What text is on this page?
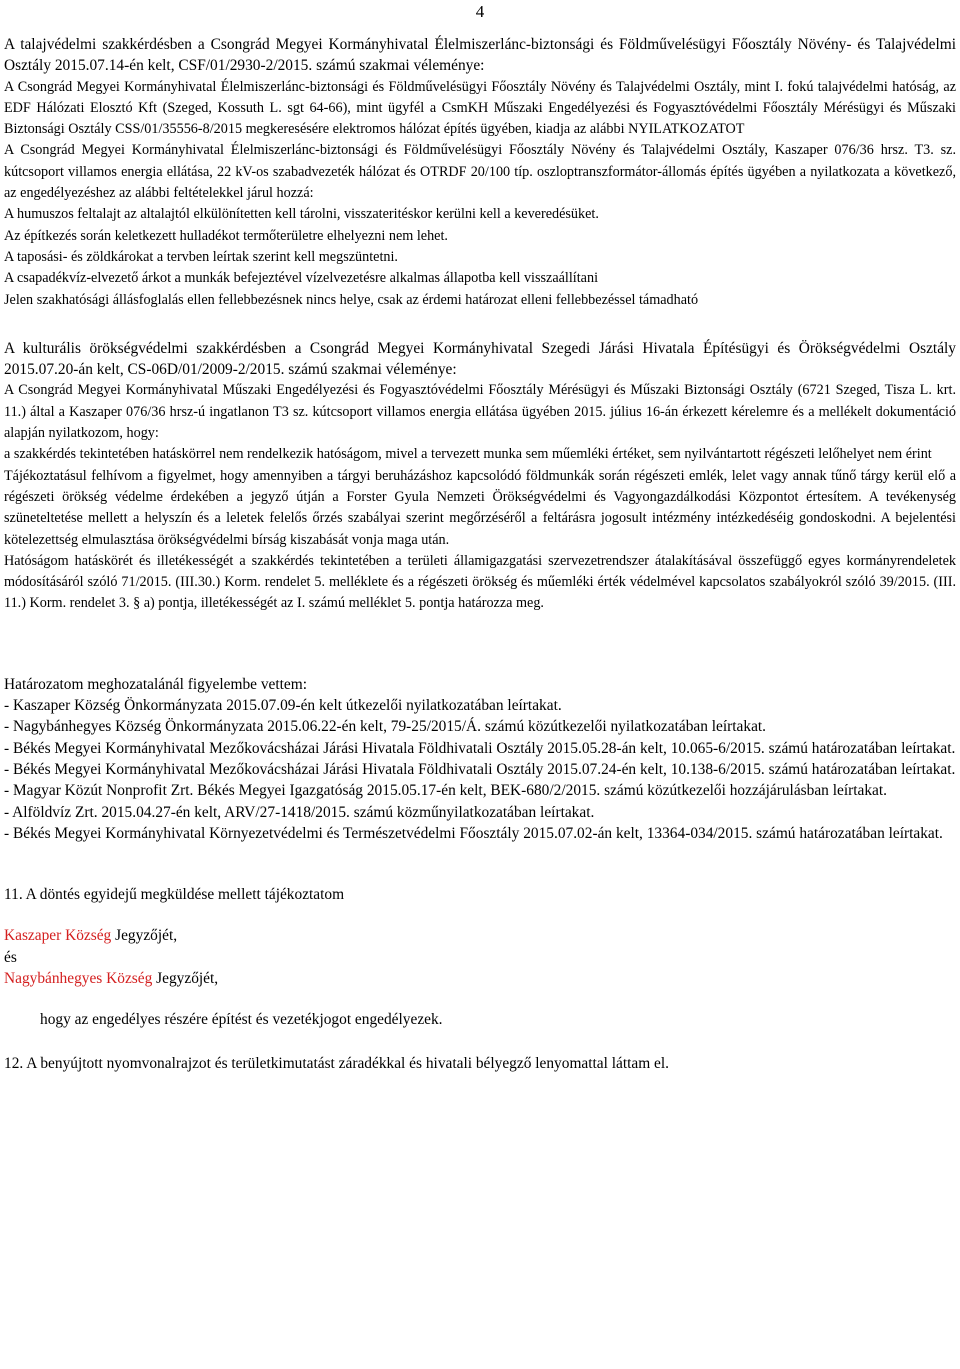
4

A talajvédelmi szakkérdésben a Csongrád Megyei Kormányhivatal Élelmiszerlánc-biztonsági és Földművelésügyi Főosztály Növény- és Talajvédelmi Osztály 2015.07.14-én kelt, CSF/01/2930-2/2015. számú szakmai véleménye:

A Csongrád Megyei Kormányhivatal Élelmiszerlánc-biztonsági és Földművelésügyi Főosztály Növény és Talajvédelmi Osztály, mint I. fokú talajvédelmi hatóság, az EDF Hálózati Elosztó Kft (Szeged, Kossuth L. sgt 64-66), mint ügyfél a CsmKH Műszaki Engedélyezési és Fogyasztóvédelmi Főosztály Mérésügyi és Műszaki Biztonsági Osztály CSS/01/35556-8/2015 megkeresésére elektromos hálózat építés ügyében, kiadja az alábbi NYILATKOZATOT

A Csongrád Megyei Kormányhivatal Élelmiszerlánc-biztonsági és Földművelésügyi Főosztály Növény és Talajvédelmi Osztály, Kaszaper 076/36 hrsz. T3. sz. kútcsoport villamos energia ellátása, 22 kV-os szabadvezeték hálózat és OTRDF 20/100 típ. oszloptranszformátor-állomás építés ügyében a nyilatkozata a következő, az engedélyezéshez az alábbi feltételekkel járul hozzá:

A humuszos feltalajt az altalajtól elkülönítetten kell tárolni, visszateritéskor kerülni kell a keveredésüket.

Az építkezés során keletkezett hulladékot termőterületre elhelyezni nem lehet.

A taposási- és zöldkárokat a tervben leírtak szerint kell megszüntetni.

A csapadékvíz-elvezető árkot a munkák befejeztével vízelvezetésre alkalmas állapotba kell visszaállítani

Jelen szakhatósági állásfoglalás ellen fellebbezésnek nincs helye, csak az érdemi határozat elleni fellebbezéssel támadható

A kulturális örökségvédelmi szakkérdésben a Csongrád Megyei Kormányhivatal Szegedi Járási Hivatala Építésügyi és Örökségvédelmi Osztály 2015.07.20-án kelt, CS-06D/01/2009-2/2015. számú szakmai véleménye:

A Csongrád Megyei Kormányhivatal Műszaki Engedélyezési és Fogyasztóvédelmi Főosztály Mérésügyi és Műszaki Biztonsági Osztály (6721 Szeged, Tisza L. krt. 11.) által a Kaszaper 076/36 hrsz-ú ingatlanon T3 sz. kútcsoport villamos energia ellátása ügyében 2015. július 16-án érkezett kérelemre és a mellékelt dokumentáció alapján nyilatkozom, hogy:

a szakkérdés tekintetében hatáskörrel nem rendelkezik hatóságom, mivel a tervezett munka sem műemléki értéket, sem nyilvántartott régészeti lelőhelyet nem érint

Tájékoztatásul felhívom a figyelmet, hogy amennyiben a tárgyi beruházáshoz kapcsolódó földmunkák során régészeti emlék, lelet vagy annak tűnő tárgy kerül elő a régészeti örökség védelme érdekében a jegyző útján a Forster Gyula Nemzeti Örökségvédelmi és Vagyongazdálkodási Központot értesítem. A tevékenység szüneteltetése mellett a helyszín és a leletek felelős őrzés szabályai szerint megőrzéséről a feltárásra jogosult intézmény intézkedéséig gondoskodni. A bejelentési kötelezettség elmulasztása örökségvédelmi bírság kiszabását vonja maga után.

Hatóságom hatáskörét és illetékességét a szakkérdés tekintetében a területi államigazgatási szervezetrendszer átalakításával összefüggő egyes kormányrendeletek módosításáról szóló 71/2015. (III.30.) Korm. rendelet 5. melléklete és a régészeti örökség és műemléki érték védelmével kapcsolatos szabályokról szóló 39/2015. (III. 11.) Korm. rendelet 3. § a) pontja, illetékességét az I. számú melléklet 5. pontja határozza meg.

Határozatom meghozatalánál figyelembe vettem:

- Kaszaper Község Önkormányzata 2015.07.09-én kelt útkezelői nyilatkozatában leírtakat.

- Nagybánhegyes Község Önkormányzata 2015.06.22-én kelt, 79-25/2015/Á. számú közútkezelői nyilatkozatában leírtakat.

- Békés Megyei Kormányhivatal Mezőkovácsházai Járási Hivatala Földhivatali Osztály 2015.05.28-án kelt, 10.065-6/2015. számú határozatában leírtakat.

- Békés Megyei Kormányhivatal Mezőkovácsházai Járási Hivatala Földhivatali Osztály 2015.07.24-én kelt, 10.138-6/2015. számú határozatában leírtakat.

- Magyar Közút Nonprofit Zrt. Békés Megyei Igazgatóság 2015.05.17-én kelt, BEK-680/2/2015. számú közútkezelői hozzájárulásban leírtakat.

- Alföldvíz Zrt. 2015.04.27-én kelt, ARV/27-1418/2015. számú közműnyilatkozatában leírtakat.

- Békés Megyei Kormányhivatal Környezetvédelmi és Természetvédelmi Főosztály 2015.07.02-án kelt, 13364-034/2015. számú határozatában leírtakat.

11. A döntés egyidejű megküldése mellett tájékoztatom

Kaszaper Község Jegyzőjét,

és

Nagybánhegyes Község Jegyzőjét,

hogy az engedélyes részére építést és vezetékjogot engedélyezek.

12. A benyújtott nyomvonalrajzot és területkimutatást záradékkal és hivatali bélyegző lenyomattal láttam el.
